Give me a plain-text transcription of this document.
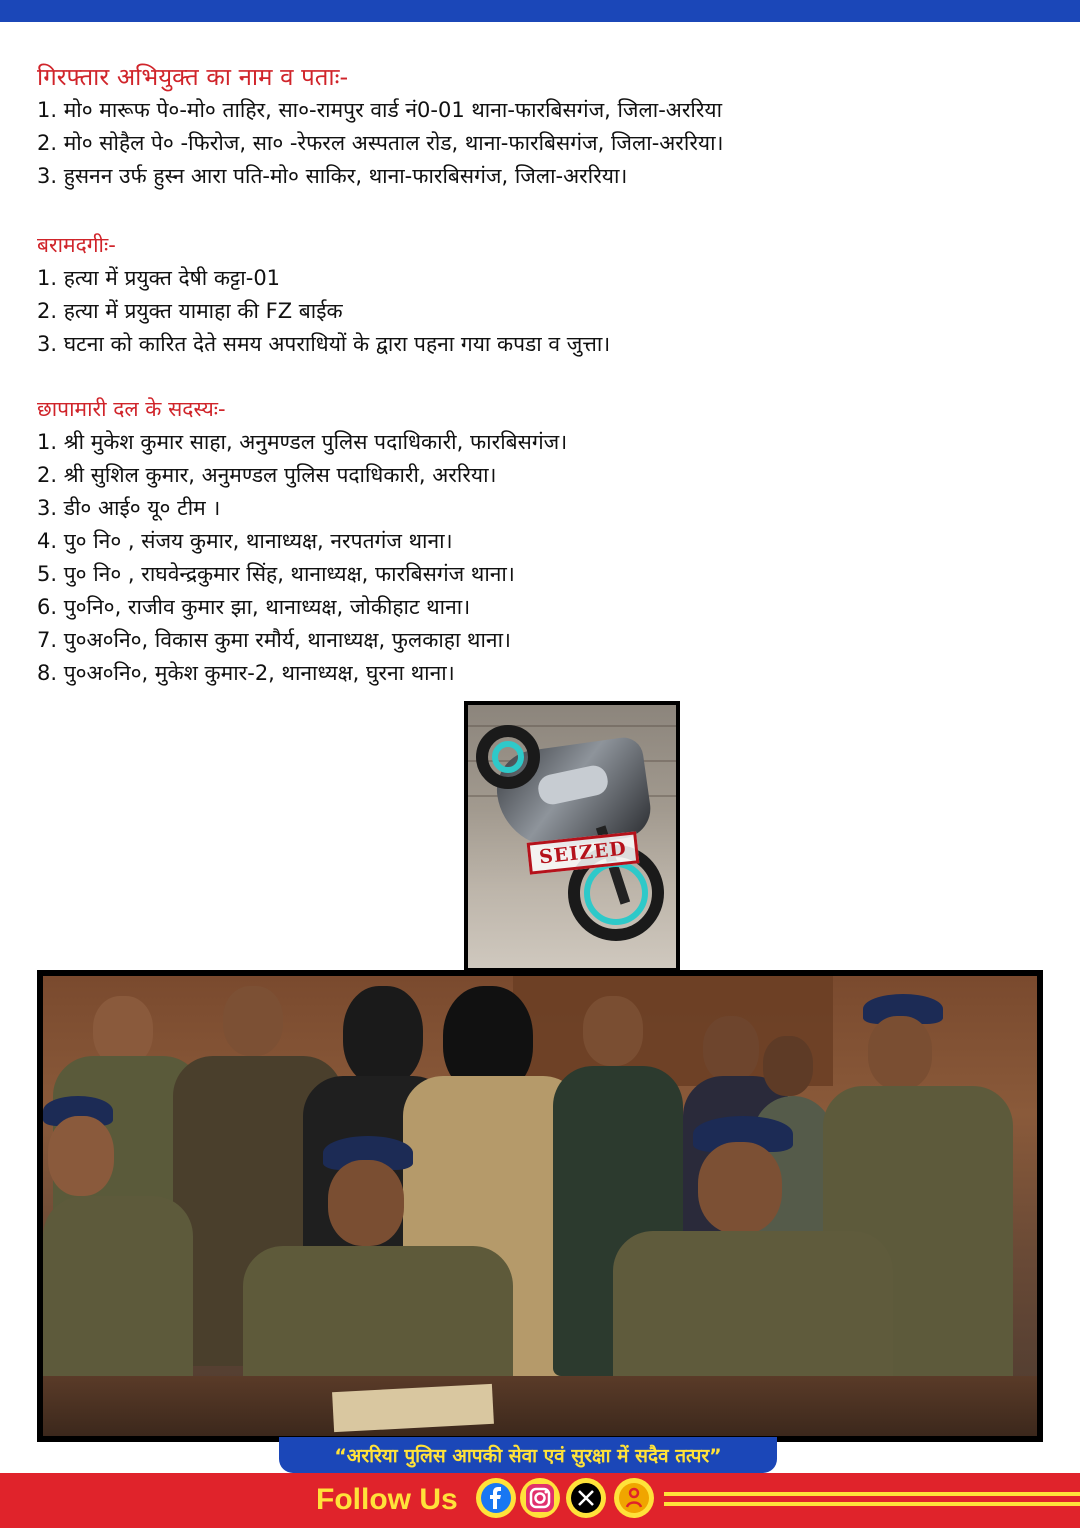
गिरफ्तार अभियुक्त का नाम व पताः-
1. मो० मारूफ पे०-मो० ताहिर, सा०-रामपुर वार्ड नं0-01 थाना-फारबिसगंज, जिला-अररिया
2. मो० सोहैल पे० -फिरोज, सा० -रेफरल अस्पताल रोड, थाना-फारबिसगंज, जिला-अररिया।
3. हुसनन उर्फ हुस्न आरा पति-मो० साकिर, थाना-फारबिसगंज, जिला-अररिया।
बरामदगीः-
1. हत्या में प्रयुक्त देषी कट्टा-01
2. हत्या में प्रयुक्त यामाहा की FZ बाईक
3. घटना को कारित देते समय अपराधियों के द्वारा पहना गया कपडा व जुत्ता।
छापामारी दल के सदस्यः-
1. श्री मुकेश कुमार साहा, अनुमण्डल पुलिस पदाधिकारी, फारबिसगंज।
2. श्री सुशिल कुमार, अनुमण्डल पुलिस पदाधिकारी, अररिया।
3. डी० आई० यू० टीम ।
4. पु० नि० , संजय कुमार, थानाध्यक्ष, नरपतगंज थाना।
5. पु० नि० , राघवेन्द्रकुमार सिंह, थानाध्यक्ष, फारबिसगंज थाना।
6. पु०नि०, राजीव कुमार झा, थानाध्यक्ष, जोकीहाट थाना।
7. पु०अ०नि०, विकास कुमा रमौर्य, थानाध्यक्ष, फुलकाहा थाना।
8. पु०अ०नि०, मुकेश कुमार-2, थानाध्यक्ष, घुरना थाना।
SEIZED
“अररिया पुलिस आपकी सेवा एवं सुरक्षा में सदैव तत्पर”
Follow Us
